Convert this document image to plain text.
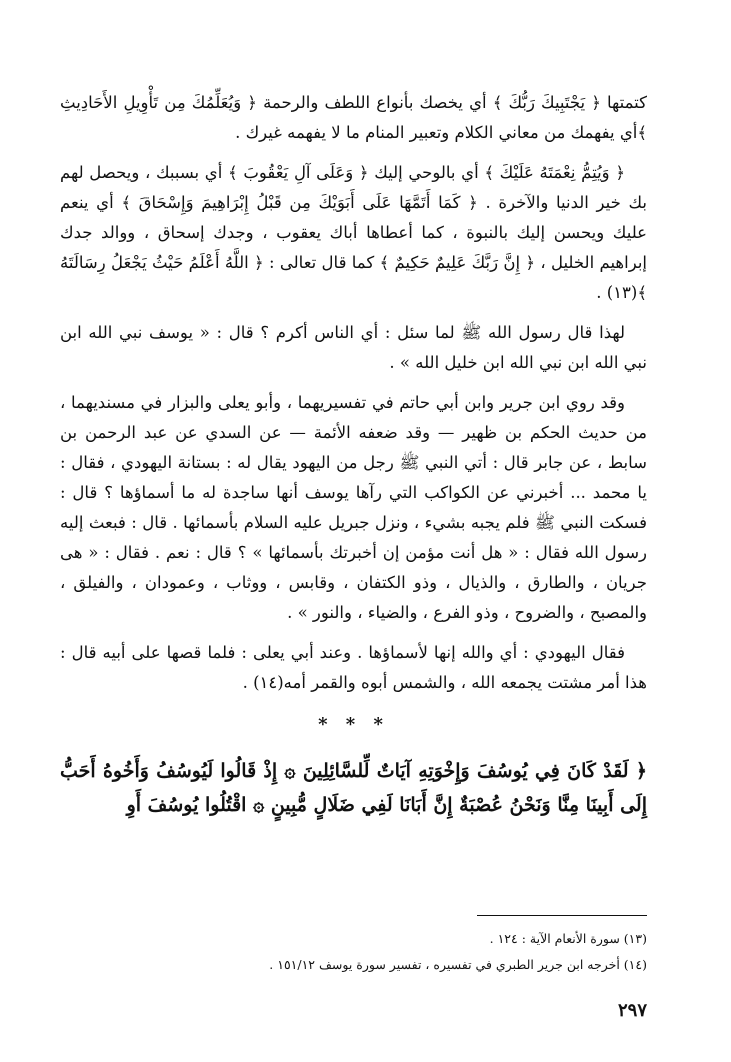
كتمتها ﴿ يَجْتَبِيكَ رَبُّكَ ﴾ أي يخصك بأنواع اللطف والرحمة ﴿ وَيُعَلِّمُكَ مِن تَأْوِيلِ الأَحَادِيثِ ﴾أي يفهمك من معاني الكلام وتعبير المنام ما لا يفهمه غيرك .

﴿ وَيُتِمُّ نِعْمَتَهُ عَلَيْكَ ﴾ أي بالوحي إليك ﴿ وَعَلَى آلِ يَعْقُوبَ ﴾ أي بسببك ، ويحصل لهم بك خير الدنيا والآخرة . ﴿ كَمَا أَتَمَّهَا عَلَى أَبَوَيْكَ مِن قَبْلُ إِبْرَاهِيمَ وَإِسْحَاقَ ﴾ أي ينعم عليك ويحسن إليك بالنبوة ، كما أعطاها أباك يعقوب ، وجدك إسحاق ، ووالد جدك إبراهيم الخليل ، ﴿ إِنَّ رَبَّكَ عَلِيمٌ حَكِيمٌ ﴾ كما قال تعالى : ﴿ اللَّهُ أَعْلَمُ حَيْثُ يَجْعَلُ رِسَالَتَهُ ﴾(١٣) .

لهذا قال رسول الله ﷺ لما سئل : أي الناس أكرم ؟ قال : « يوسف نبي الله ابن نبي الله ابن نبي الله ابن خليل الله » .

وقد روي ابن جرير وابن أبي حاتم في تفسيريهما ، وأبو يعلى والبزار في مسنديهما ، من حديث الحكم بن ظهير — وقد ضعفه الأئمة — عن السدي عن عبد الرحمن بن سابط ، عن جابر قال : أتي النبي ﷺ رجل من اليهود يقال له : بستانة اليهودي ، فقال : يا محمد ... أخبرني عن الكواكب التي رآها يوسف أنها ساجدة له ما أسماؤها ؟ قال : فسكت النبي ﷺ فلم يجبه بشيء ، ونزل جبريل عليه السلام بأسمائها . قال : فبعث إليه رسول الله فقال : « هل أنت مؤمن إن أخبرتك بأسمائها » ؟ قال : نعم . فقال : « هى جريان ، والطارق ، والذيال ، وذو الكتفان ، وقابس ، ووثاب ، وعمودان ، والفيلق ، والمصبح ، والضروح ، وذو الفرع ، والضياء ، والنور » .

فقال اليهودي : أي والله إنها لأسماؤها . وعند أبي يعلى : فلما قصها على أبيه قال : هذا أمر مشتت يجمعه الله ، والشمس أبوه والقمر أمه(١٤) .

* * *

﴿ لَقَدْ كَانَ فِي يُوسُفَ وَإِخْوَتِهِ آيَاتٌ لِّلسَّائِلِينَ ۞ إِذْ قَالُوا لَيُوسُفُ وَأَخُوهُ أَحَبُّ إِلَى أَبِينَا مِنَّا وَنَحْنُ عُصْبَةٌ إِنَّ أَبَانَا لَفِي ضَلَالٍ مُّبِينٍ ۞ اقْتُلُوا يُوسُفَ أَوِ

(١٣) سورة الأنعام الآية : ١٢٤ .

(١٤) أخرجه ابن جرير الطبري في تفسيره ، تفسير سورة يوسف ١٥١/١٢ .

٢٩٧
